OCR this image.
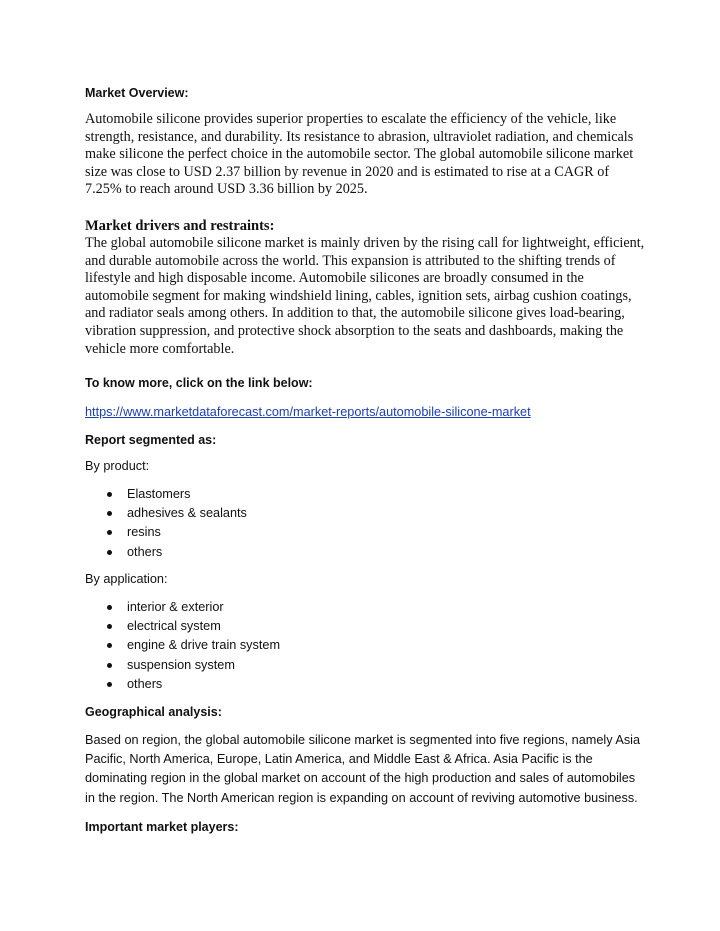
Market Overview:

Automobile silicone provides superior properties to escalate the efficiency of the vehicle, like strength, resistance, and durability. Its resistance to abrasion, ultraviolet radiation, and chemicals make silicone the perfect choice in the automobile sector. The global automobile silicone market size was close to USD 2.37 billion by revenue in 2020 and is estimated to rise at a CAGR of 7.25% to reach around USD 3.36 billion by 2025.

Market drivers and restraints:

The global automobile silicone market is mainly driven by the rising call for lightweight, efficient, and durable automobile across the world. This expansion is attributed to the shifting trends of lifestyle and high disposable income. Automobile silicones are broadly consumed in the automobile segment for making windshield lining, cables, ignition sets, airbag cushion coatings, and radiator seals among others. In addition to that, the automobile silicone gives load-bearing, vibration suppression, and protective shock absorption to the seats and dashboards, making the vehicle more comfortable.

To know more, click on the link below:
https://www.marketdataforecast.com/market-reports/automobile-silicone-market
Report segmented as:

By product:

Elastomers
adhesives & sealants
resins
others

By application:

interior & exterior
electrical system
engine & drive train system
suspension system
others
Geographical analysis:

Based on region, the global automobile silicone market is segmented into five regions, namely Asia Pacific, North America, Europe, Latin America, and Middle East & Africa. Asia Pacific is the dominating region in the global market on account of the high production and sales of automobiles in the region. The North American region is expanding on account of reviving automotive business.

Important market players:
